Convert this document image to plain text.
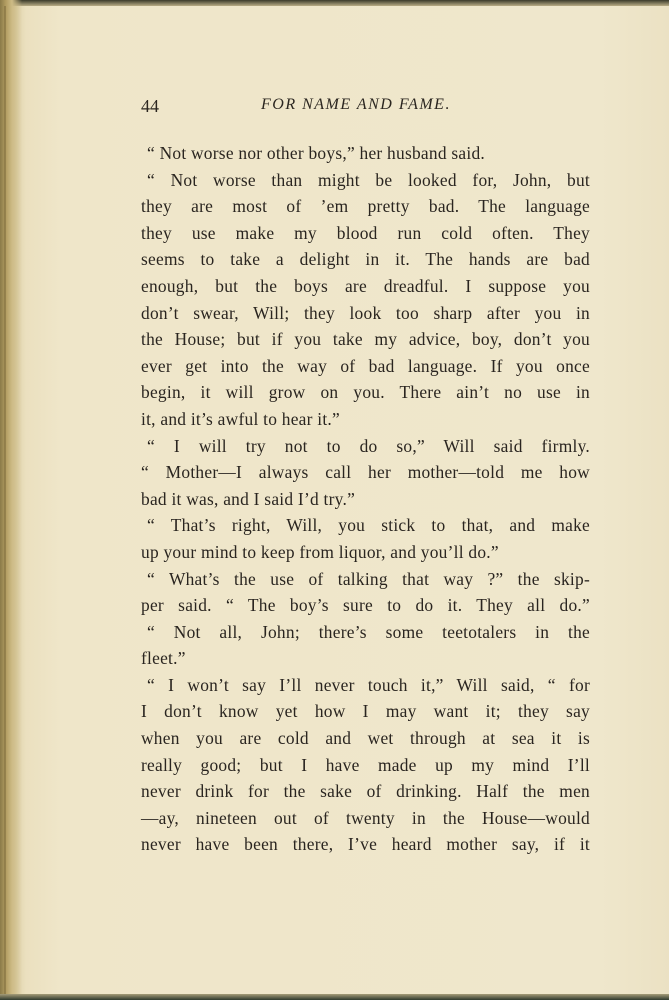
44	FOR NAME AND FAME.
“ Not worse nor other boys,” her husband said.
“ Not worse than might be looked for, John, but
they are most of ’em pretty bad. The language
they use make my blood run cold often. They
seems to take a delight in it. The hands are bad
enough, but the boys are dreadful. I suppose you
don’t swear, Will; they look too sharp after you in
the House; but if you take my advice, boy, don’t you
ever get into the way of bad language. If you once
begin, it will grow on you. There ain’t no use in
it, and it’s awful to hear it.”
“ I will try not to do so,” Will said firmly.
“ Mother—I always call her mother—told me how
bad it was, and I said I’d try.”
“ That’s right, Will, you stick to that, and make
up your mind to keep from liquor, and you’ll do.”
“ What’s the use of talking that way ?” the skip-
per said. “ The boy’s sure to do it. They all do.”
“ Not all, John; there’s some teetotalers in the
fleet.”
“ I won’t say I’ll never touch it,” Will said, “ for
I don’t know yet how I may want it; they say
when you are cold and wet through at sea it is
really good; but I have made up my mind I’ll
never drink for the sake of drinking. Half the men
—ay, nineteen out of twenty in the House—would
never have been there, I’ve heard mother say, if it
